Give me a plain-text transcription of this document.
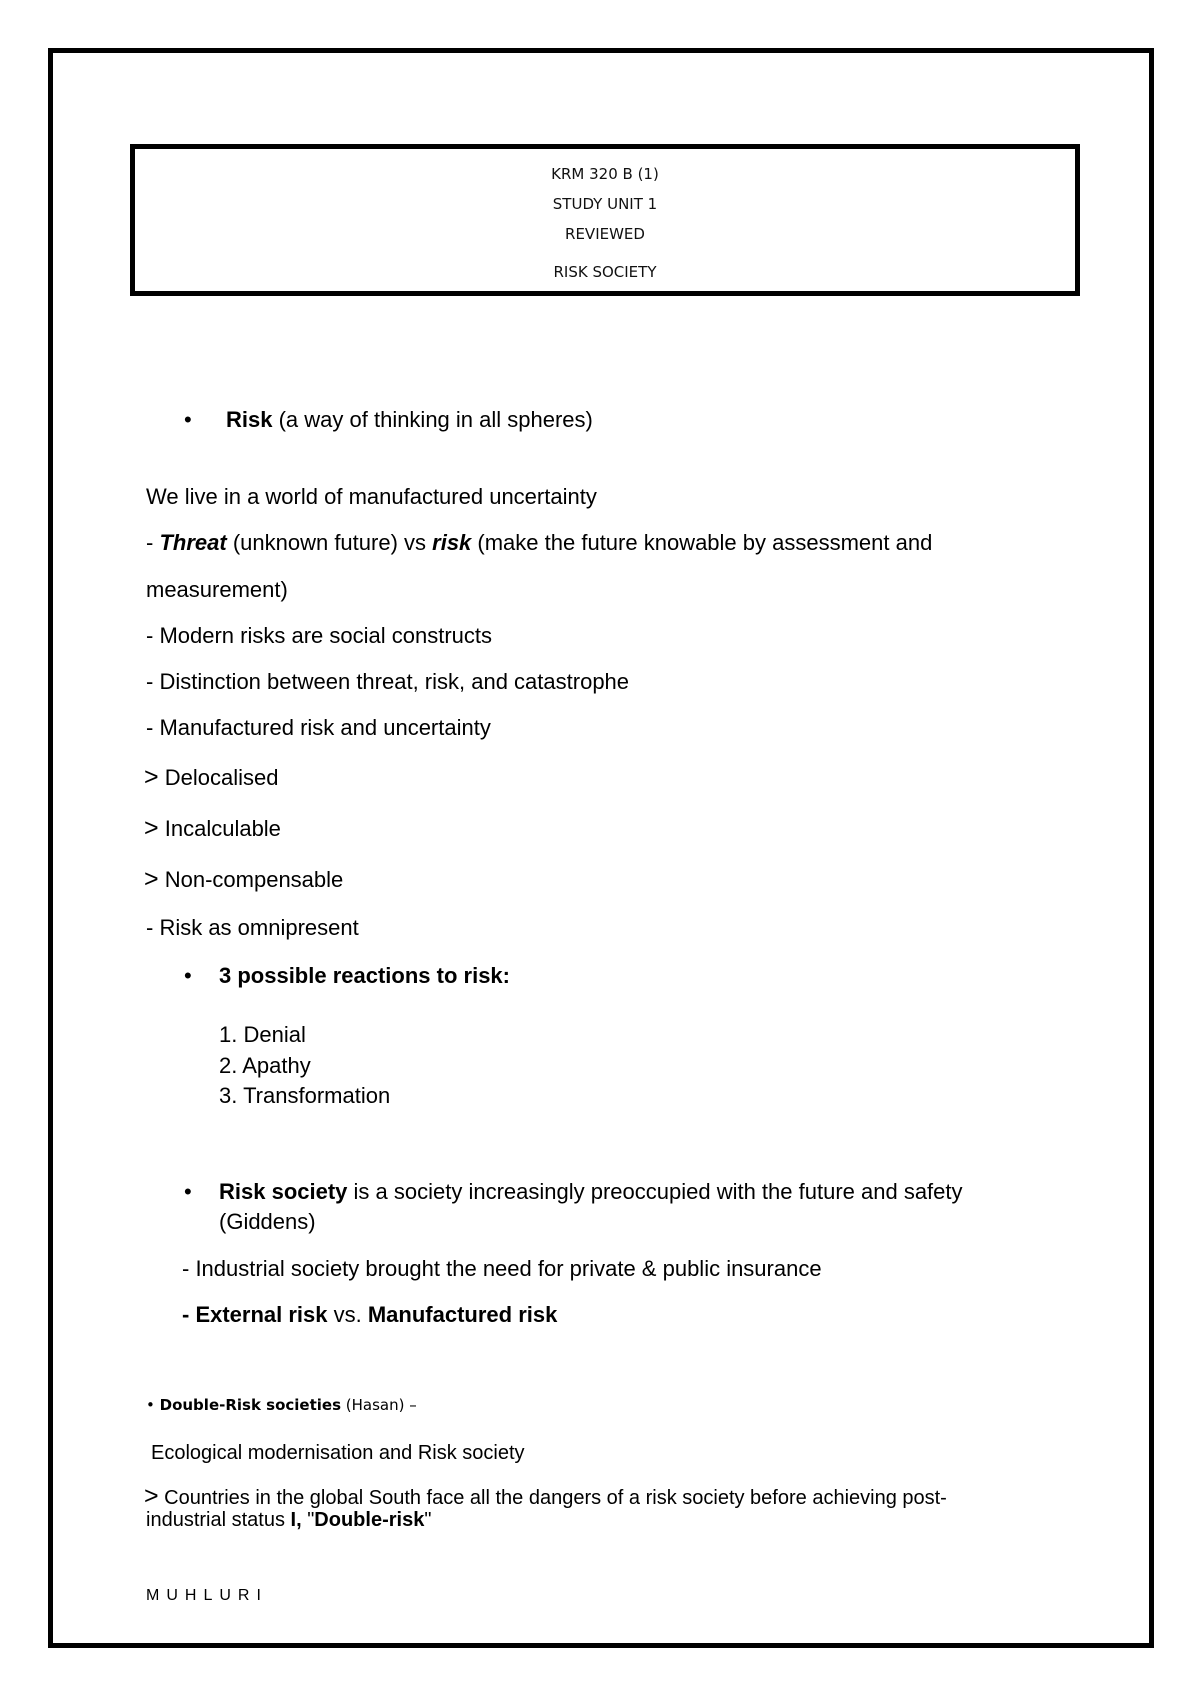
KRM 320 B (1)
STUDY UNIT 1
REVIEWED
RISK SOCIETY
• Risk (a way of thinking in all spheres)
We live in a world of manufactured uncertainty
- Threat (unknown future) vs risk (make the future knowable by assessment and
measurement)
- Modern risks are social constructs
- Distinction between threat, risk, and catastrophe
- Manufactured risk and uncertainty
> Delocalised
> Incalculable
> Non-compensable
- Risk as omnipresent
• 3 possible reactions to risk:
1. Denial
2. Apathy
3. Transformation
• Risk society is a society increasingly preoccupied with the future and safety
(Giddens)
- Industrial society brought the need for private & public insurance
- External risk vs. Manufactured risk
• Double-Risk societies (Hasan) –
Ecological modernisation and Risk society
> Countries in the global South face all the dangers of a risk society before achieving post-
industrial status I, "Double-risk"
MUHLURI
